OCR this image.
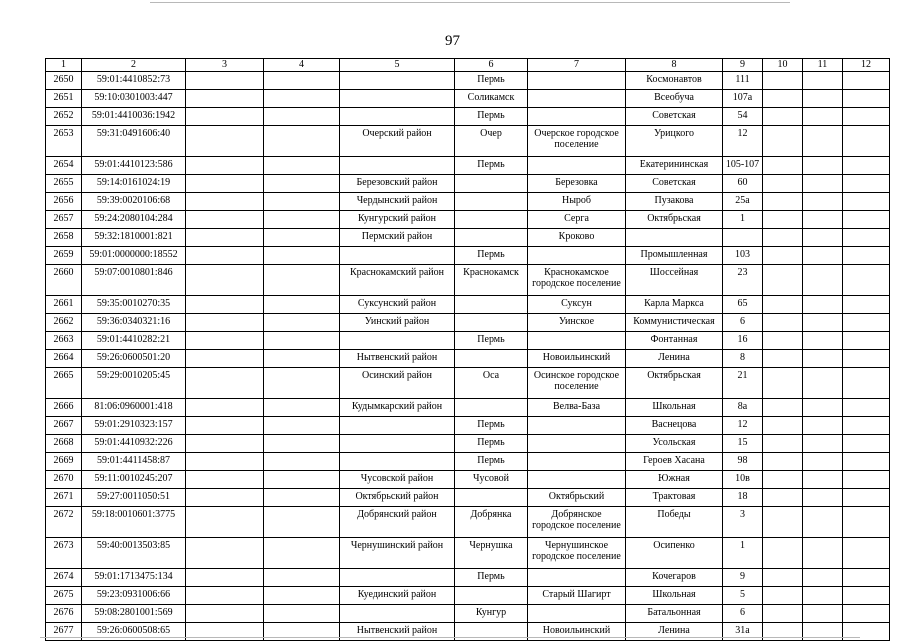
97
1	2	3	4	5	6	7	8	9	10	11	12
2650	59:01:4410852:73				Пермь		Космонавтов	111			
2651	59:10:0301003:447				Соликамск		Всеобуча	107а			
2652	59:01:4410036:1942				Пермь		Советская	54			
2653	59:31:0491606:40			Очерский район	Очер	Очерское городское поселение	Урицкого	12			
2654	59:01:4410123:586				Пермь		Екатерининская	105-107			
2655	59:14:0161024:19			Березовский район		Березовка	Советская	60			
2656	59:39:0020106:68			Чердынский район		Ныроб	Пузакова	25а			
2657	59:24:2080104:284			Кунгурский район		Серга	Октябрьская	1			
2658	59:32:1810001:821			Пермский район		Кроково					
2659	59:01:0000000:18552				Пермь		Промышленная	103			
2660	59:07:0010801:846			Краснокамский район	Краснокамск	Краснокамское городское поселение	Шоссейная	23			
2661	59:35:0010270:35			Суксунский район		Суксун	Карла Маркса	65			
2662	59:36:0340321:16			Уинский район		Уинское	Коммунистическая	6			
2663	59:01:4410282:21				Пермь		Фонтанная	16			
2664	59:26:0600501:20			Нытвенский район		Новоильинский	Ленина	8			
2665	59:29:0010205:45			Осинский район	Оса	Осинское городское поселение	Октябрьская	21			
2666	81:06:0960001:418			Кудымкарский район		Велва-База	Школьная	8а			
2667	59:01:2910323:157				Пермь		Васнецова	12			
2668	59:01:4410932:226				Пермь		Усольская	15			
2669	59:01:4411458:87				Пермь		Героев Хасана	98			
2670	59:11:0010245:207			Чусовской район	Чусовой		Южная	10в			
2671	59:27:0011050:51			Октябрьский район		Октябрьский	Трактовая	18			
2672	59:18:0010601:3775			Добрянский район	Добрянка	Добрянское городское поселение	Победы	3			
2673	59:40:0013503:85			Чернушинский район	Чернушка	Чернушинское городское поселение	Осипенко	1			
2674	59:01:1713475:134				Пермь		Кочегаров	9			
2675	59:23:0931006:66			Куединский район		Старый Шагирт	Школьная	5			
2676	59:08:2801001:569				Кунгур		Батальонная	6			
2677	59:26:0600508:65			Нытвенский район		Новоильинский	Ленина	31а			
